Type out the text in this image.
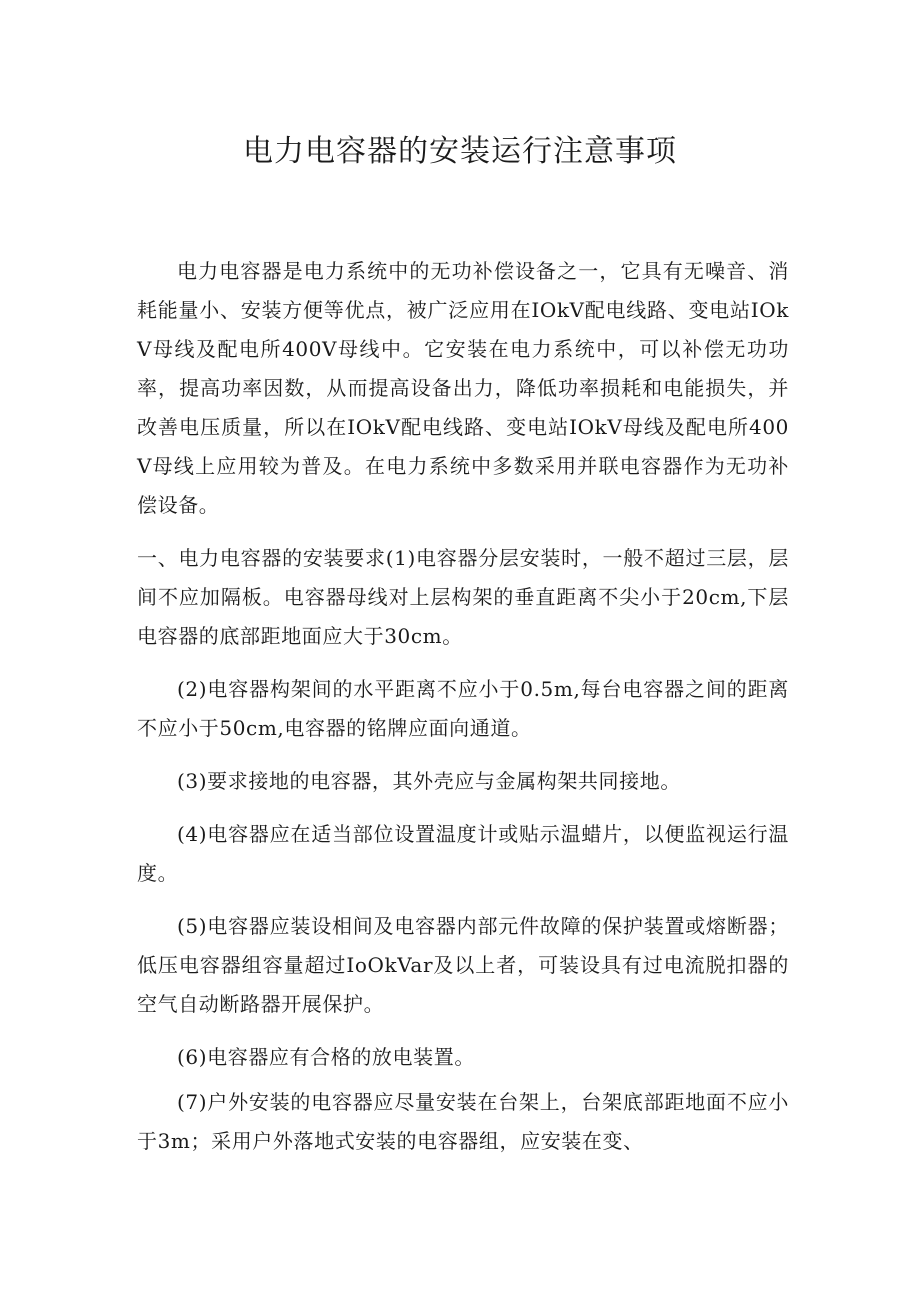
电力电容器的安装运行注意事项

电力电容器是电力系统中的无功补偿设备之一，它具有无噪音、消耗能量小、安装方便等优点，被广泛应用在IOkV配电线路、变电站IOkV母线及配电所400V母线中。它安装在电力系统中，可以补偿无功功率，提高功率因数，从而提高设备出力，降低功率损耗和电能损失，并改善电压质量，所以在IOkV配电线路、变电站IOkV母线及配电所400V母线上应用较为普及。在电力系统中多数采用并联电容器作为无功补偿设备。

一、电力电容器的安装要求(1)电容器分层安装时，一般不超过三层，层间不应加隔板。电容器母线对上层构架的垂直距离不尖小于20cm,下层电容器的底部距地面应大于30cm。

(2)电容器构架间的水平距离不应小于0.5m,每台电容器之间的距离不应小于50cm,电容器的铭牌应面向通道。

(3)要求接地的电容器，其外壳应与金属构架共同接地。

(4)电容器应在适当部位设置温度计或贴示温蜡片，以便监视运行温度。

(5)电容器应装设相间及电容器内部元件故障的保护装置或熔断器；低压电容器组容量超过IoOkVar及以上者，可装设具有过电流脱扣器的空气自动断路器开展保护。

(6)电容器应有合格的放电装置。

(7)户外安装的电容器应尽量安装在台架上，台架底部距地面不应小于3m；采用户外落地式安装的电容器组，应安装在变、
